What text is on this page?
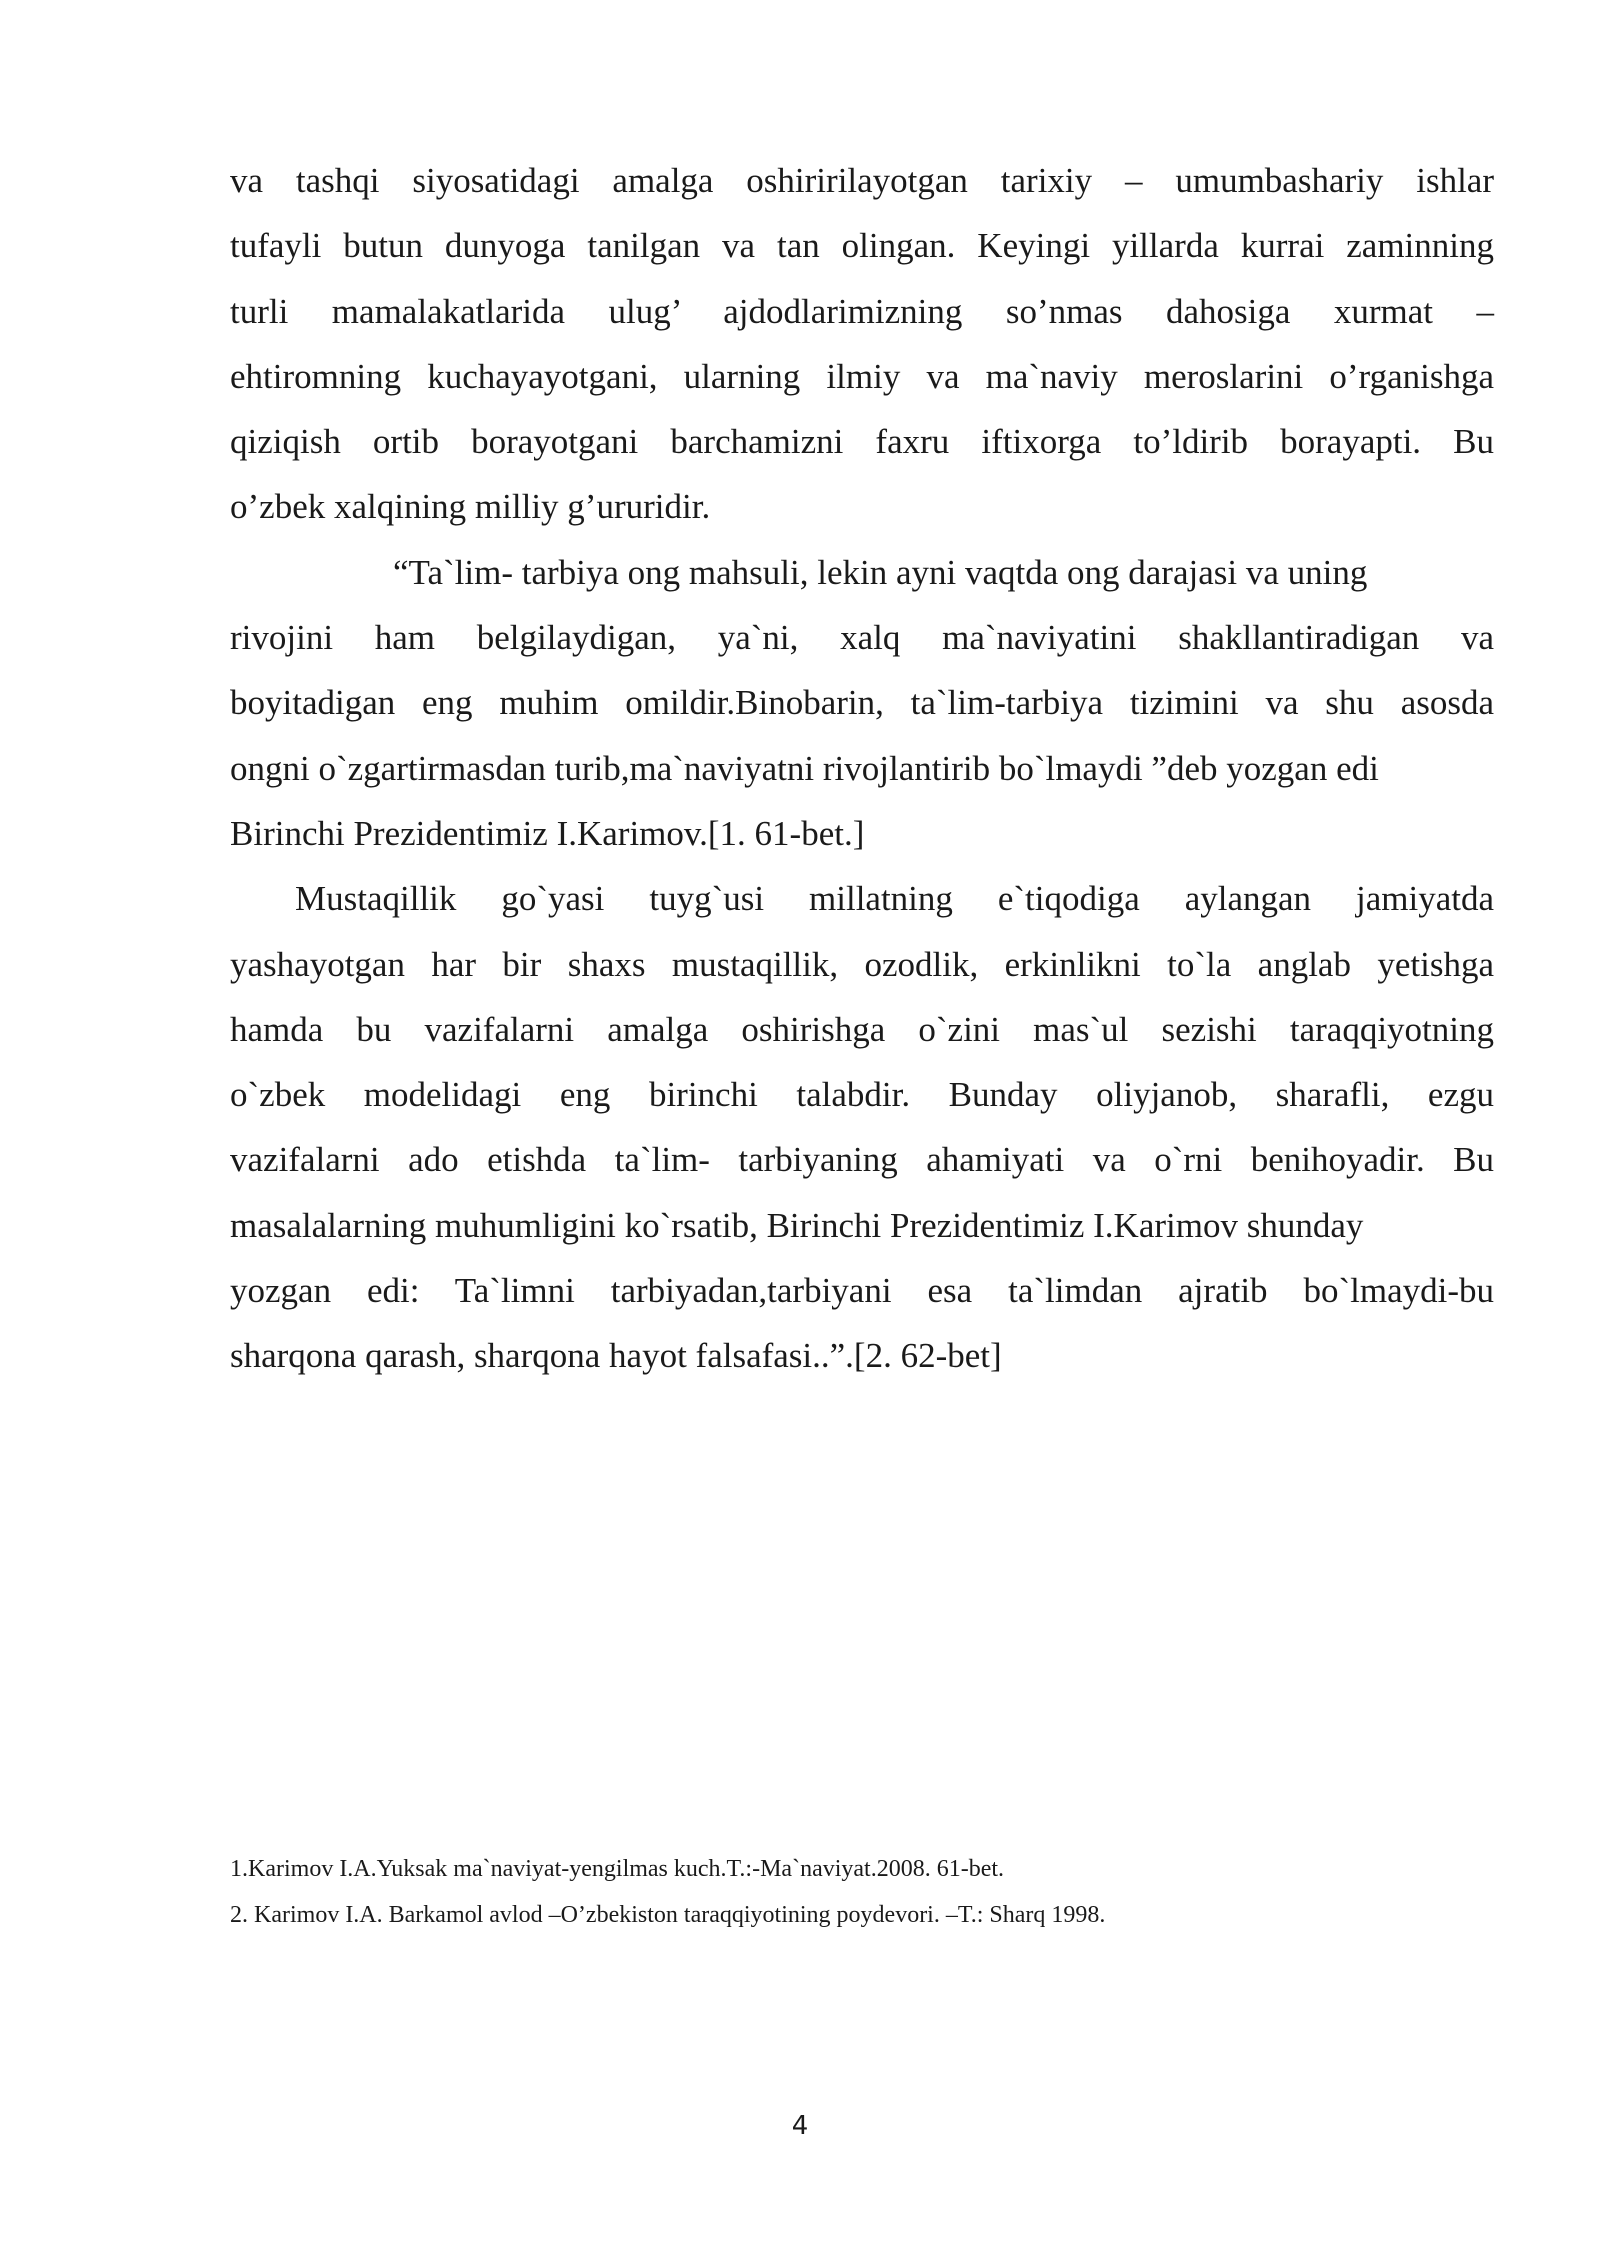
va tashqi siyosatidagi amalga oshiririlayotgan tarixiy – umumbashariy ishlar
tufayli butun dunyoga tanilgan va tan olingan. Keyingi yillarda kurrai zaminning
turli mamalakatlarida ulug’ ajdodlarimizning so’nmas dahosiga xurmat –
ehtiromning kuchayayotgani, ularning ilmiy va ma`naviy meroslarini o’rganishga
qiziqish ortib borayotgani barchamizni faxru iftixorga to’ldirib borayapti. Bu
o’zbek xalqining milliy g’ururidir.
“Ta`lim- tarbiya ong mahsuli, lekin ayni vaqtda ong darajasi va uning
rivojini ham belgilaydigan, ya`ni, xalq ma`naviyatini shakllantiradigan va
boyitadigan eng muhim omildir.Binobarin, ta`lim-tarbiya tizimini va shu asosda
ongni o`zgartirmasdan turib,ma`naviyatni rivojlantirib bo`lmaydi ”deb yozgan edi
Birinchi Prezidentimiz I.Karimov.[1. 61-bet.]
Mustaqillik go`yasi tuyg`usi millatning e`tiqodiga aylangan jamiyatda
yashayotgan har bir shaxs mustaqillik, ozodlik, erkinlikni to`la anglab yetishga
hamda bu vazifalarni amalga oshirishga o`zini mas`ul sezishi taraqqiyotning
o`zbek modelidagi eng birinchi talabdir. Bunday oliyjanob, sharafli, ezgu
vazifalarni ado etishda ta`lim- tarbiyaning ahamiyati va o`rni benihoyadir. Bu
masalalarning muhumligini ko`rsatib, Birinchi Prezidentimiz I.Karimov shunday
yozgan edi: Ta`limni tarbiyadan,tarbiyani esa ta`limdan ajratib bo`lmaydi-bu
sharqona qarash, sharqona hayot falsafasi..”.[2. 62-bet]
1.Karimov I.A.Yuksak ma`naviyat-yengilmas kuch.T.:-Ma`naviyat.2008. 61-bet.
2. Karimov I.A. Barkamol avlod –O’zbekiston taraqqiyotining poydevori. –T.: Sharq 1998.
4
